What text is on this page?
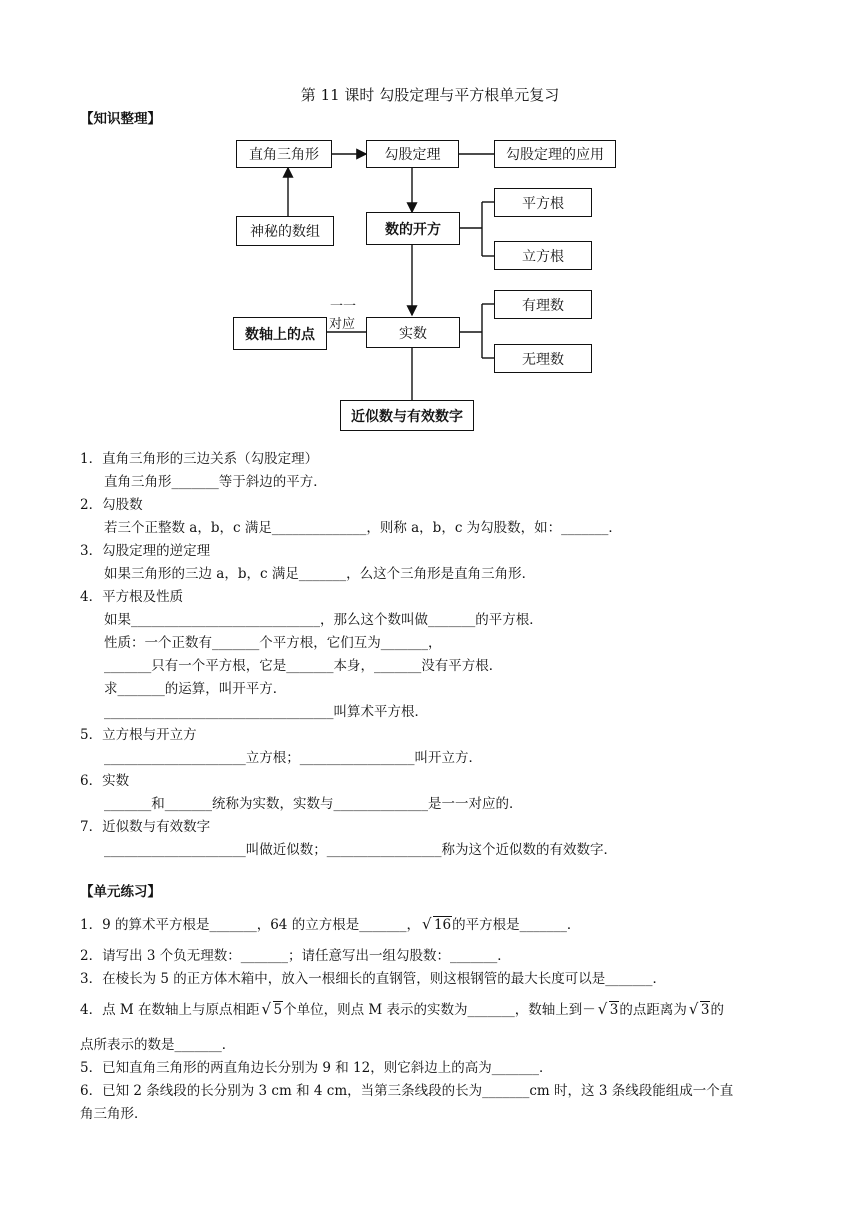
第 11 课时 勾股定理与平方根单元复习
【知识整理】
直角三角形	勾股定理	勾股定理的应用
神秘的数组	数的开方
平方根
立方根
数轴上的点
一一
对应
实数
有理数
无理数
近似数与有效数字
1．直角三角形的三边关系（勾股定理）
直角三角形_______等于斜边的平方．
2．勾股数
若三个正整数 a，b，c 满足______________，则称 a，b，c 为勾股数，如：_______．
3．勾股定理的逆定理
如果三角形的三边 a，b，c 满足_______，么这个三角形是直角三角形．
4．平方根及性质
如果____________________________，那么这个数叫做_______的平方根．
性质：一个正数有_______个平方根，它们互为_______，
_______只有一个平方根，它是_______本身，_______没有平方根．
求_______的运算，叫开平方．
__________________________________叫算术平方根．
5．立方根与开立方
_____________________立方根；_________________叫开立方．
6．实数
_______和_______统称为实数，实数与______________是一一对应的．
7．近似数与有效数字
_____________________叫做近似数；_________________称为这个近似数的有效数字．
【单元练习】
1．9 的算术平方根是_______，64 的立方根是_______， √ 16的平方根是_______．
2．请写出 3 个负无理数：_______；请任意写出一组勾股数：_______．
3．在棱长为 5 的正方体木箱中，放入一根细长的直钢管，则这根钢管的最大长度可以是_______．
4．点 M 在数轴上与原点相距 √ 5个单位，则点 M 表示的实数为_______，数轴上到－ √ 3的点距离为 √ 3的
点所表示的数是_______．
5．已知直角三角形的两直角边长分别为 9 和 12，则它斜边上的高为_______．
6．已知 2 条线段的长分别为 3 cm 和 4 cm，当第三条线段的长为_______cm 时，这 3 条线段能组成一个直
角三角形．
